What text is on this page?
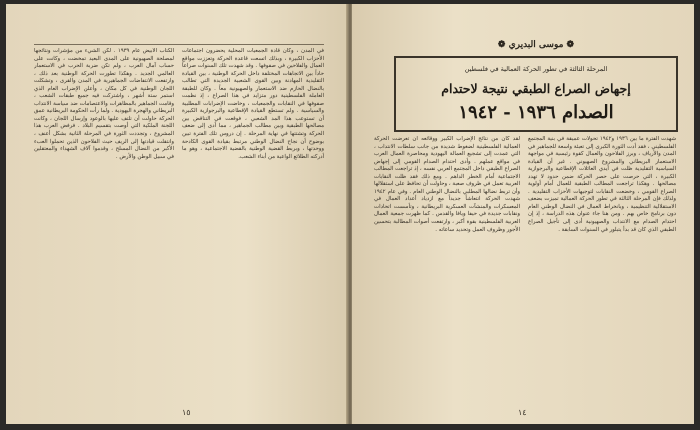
الكتاب الأبيض عام ١٩٣٩ . لكن الشيء من مؤشرات ونتائجها لمصلحة الصهيونية على المدى البعيد تمخضت ، وكانت على حساب آمال العرب ، ولم تكن ضربة الحرب في الاستعمار العالمي الجديد . وهكذا تطورت الحركة الوطنية بعد ذلك ، وارتفعت الانتفاضات الجماهيرية في المدن والقرى ، وتشكلت اللجان الوطنية في كل مكان ، وأعلن الإضراب العام الذي استمر ستة أشهر ، واشتركت فيه جميع طبقات الشعب ، وقامت الجماهير بالمظاهرات والاعتصامات ضد سياسة الانتداب البريطاني والهجرة اليهودية . ولما رأت الحكومة البريطانية عمق الحركة حاولت أن تلتف عليها بالوعود وإرسال اللجان ، وكانت اللجنة الملكية التي أوصت بتقسيم البلاد . فرفض العرب هذا المشروع ، وتجددت الثورة في المرحلة الثانية بشكل أعنف ، وانتقلت قيادتها إلى الريف حيث الفلاحون الذين تحملوا العبء الأكبر من النضال المسلح ، وقدموا آلاف الشهداء والمعتقلين في سبيل الوطن والأرض .
في المدن ، وكان قادة الجمعيات المحلية يحضرون اجتماعات الأحزاب الكبيرة ، وبذلك اتسعت قاعدة الحركة وتعززت مواقع العمال والفلاحين في صفوفها . وقد شهدت تلك السنوات صراعاً حاداً بين الاتجاهات المختلفة داخل الحركة الوطنية ، بين القيادة التقليدية المهادنة وبين القوى الشعبية الجديدة التي تطالب بالنضال الحازم ضد الاستعمار والصهيونية معاً . وكان للطبقة العاملة الفلسطينية دور متزايد في هذا الصراع ، إذ نظمت صفوفها في النقابات والجمعيات ، وخاضت الإضرابات المطلبية والسياسية . ولم تستطع القيادة الإقطاعية والبرجوازية الكبيرة أن تستوعب هذا المد الشعبي ، فوقعت في التناقض بين مصالحها الطبقية وبين مطالب الجماهير ، مما أدى إلى ضعف الحركة وتشتتها في نهاية المرحلة . إن دروس تلك الفترة تبين بوضوح أن نجاح النضال الوطني مرتبط بقيادة القوى الكادحة ووحدتها ، وبربط القضية الوطنية بالقضية الاجتماعية ، وهو ما أدركته الطلائع الواعية من أبناء الشعب.
١٥
❁ موسى البديري ❁
المرحلة الثالثة في تطور الحركة العمالية في فلسطين
إجهاض الصراع الطبقي نتيجة لاحتدام
الصدام ١٩٣٦ - ١٩٤٢
لقد كان من نتائج الإضراب الكبير ووقائعه أن تعرضت الحركة العمالية الفلسطينية لضغوط شديدة من جانب سلطات الانتداب ، التي عمدت إلى تشجيع العمالة اليهودية ومحاصرة العمال العرب في مواقع عملهم . وأدى احتدام الصدام القومي إلى إجهاض الصراع الطبقي داخل المجتمع العربي نفسه ، إذ تراجعت المطالب الاجتماعية أمام الخطر الداهم . ومع ذلك فقد ظلت النقابات العربية تعمل في ظروف صعبة ، وحاولت أن تحافظ على استقلالها وأن تربط نضالها المطلبي بالنضال الوطني العام . وفي عام ١٩٤٢ شهدت الحركة انتعاشاً جديداً مع ازدياد أعداد العمال في المعسكرات والمنشآت العسكرية البريطانية ، وتأسست اتحادات ونقابات جديدة في حيفا ويافا والقدس . كما ظهرت جمعية العمال العربية الفلسطينية بقوة أكبر ، وارتفعت أصوات المطالبة بتحسين الأجور وظروف العمل وتحديد ساعاته .
شهدت الفترة ما بين ١٩٣٦ و١٩٤٢ تحولات عميقة في بنية المجتمع الفلسطيني ، فقد أدت الثورة الكبرى إلى تعبئة واسعة للجماهير في المدن والأرياف ، وبرز الفلاحون والعمال كقوة رئيسية في مواجهة الاستعمار البريطاني والمشروع الصهيوني . غير أن القيادة السياسية التقليدية ظلت في أيدي العائلات الإقطاعية والبرجوازية الكبيرة ، التي حرصت على حصر الحركة ضمن حدود لا تهدد مصالحها . وهكذا تراجعت المطالب الطبقية للعمال أمام أولوية الصراع القومي ، وخضعت النقابات لتوجيهات الأحزاب التقليدية . ولذلك فإن المرحلة الثالثة في تطور الحركة العمالية تميزت بضعف الاستقلالية التنظيمية ، وبانخراط العمال في النضال الوطني العام دون برنامج خاص بهم . ومن هنا جاء عنوان هذه الدراسة ، إذ إن احتدام الصدام مع الانتداب والصهيونية أدى إلى تأجيل الصراع الطبقي الذي كان قد بدأ يتبلور في السنوات السابقة .
١٤
